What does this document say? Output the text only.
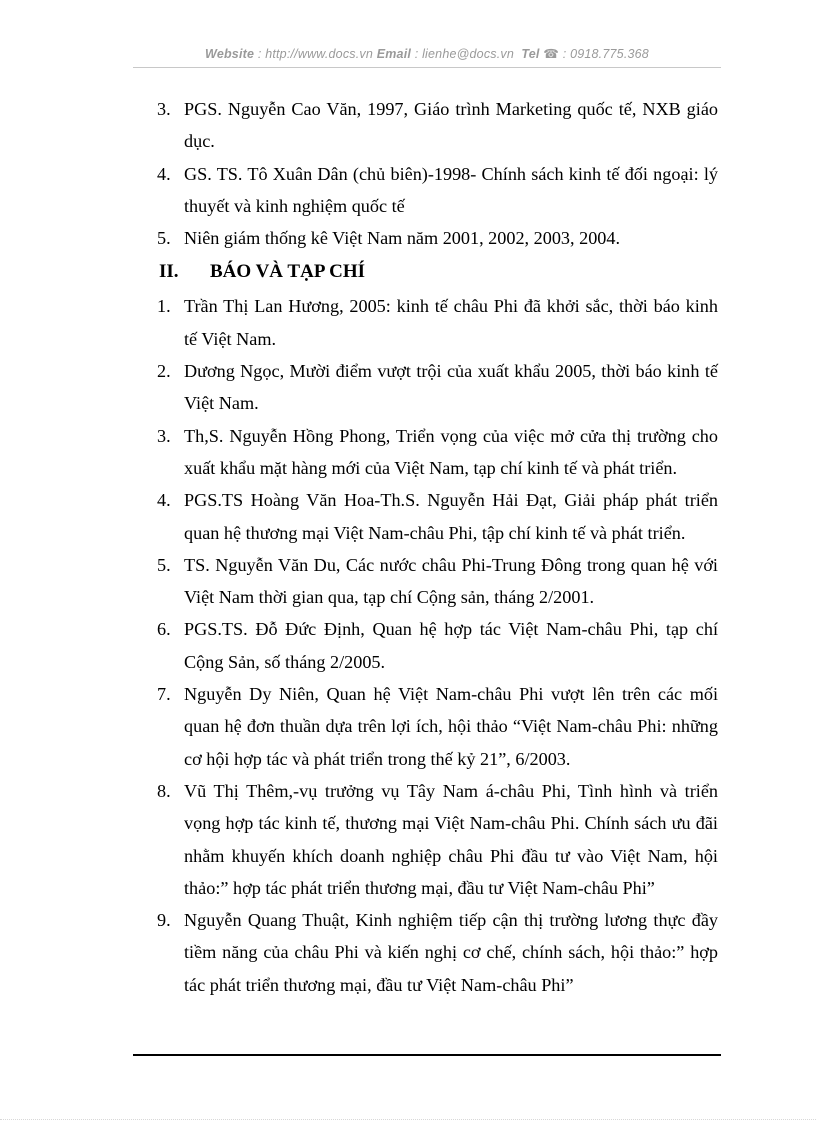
Website : http://www.docs.vn Email : lienhe@docs.vn Tel ☎ : 0918.775.368
3. PGS. Nguyễn Cao Văn, 1997, Giáo trình Marketing quốc tế, NXB giáo dục.
4. GS. TS. Tô Xuân Dân (chủ biên)-1998- Chính sách kinh tế đối ngoại: lý thuyết và kinh nghiệm quốc tế
5. Niên giám thống kê Việt Nam năm 2001, 2002, 2003, 2004.
II. BÁO VÀ TẠP CHÍ
1. Trần Thị Lan Hương, 2005: kinh tế châu Phi đã khởi sắc, thời báo kinh tế Việt Nam.
2. Dương Ngọc, Mười điểm vượt trội của xuất khẩu 2005, thời báo kinh tế Việt Nam.
3. Th,S. Nguyễn Hồng Phong, Triển vọng của việc mở cửa thị trường cho xuất khẩu mặt hàng mới của Việt Nam, tạp chí kinh tế và phát triển.
4. PGS.TS Hoàng Văn Hoa-Th.S. Nguyễn Hải Đạt, Giải pháp phát triển quan hệ thương mại Việt Nam-châu Phi, tập chí kinh tế và phát triển.
5. TS. Nguyễn Văn Du, Các nước châu Phi-Trung Đông trong quan hệ với Việt Nam thời gian qua, tạp chí Cộng sản, tháng 2/2001.
6. PGS.TS. Đỗ Đức Định, Quan hệ hợp tác Việt Nam-châu Phi, tạp chí Cộng Sản, số tháng 2/2005.
7. Nguyễn Dy Niên, Quan hệ Việt Nam-châu Phi vượt lên trên các mối quan hệ đơn thuần dựa trên lợi ích, hội thảo “Việt Nam-châu Phi: những cơ hội hợp tác và phát triển trong thế kỷ 21”, 6/2003.
8. Vũ Thị Thêm,-vụ trưởng vụ Tây Nam á-châu Phi, Tình hình và triển vọng hợp tác kinh tế, thương mại Việt Nam-châu Phi. Chính sách ưu đãi nhằm khuyến khích doanh nghiệp châu Phi đầu tư vào Việt Nam, hội thảo:” hợp tác phát triển thương mại, đầu tư Việt Nam-châu Phi”
9. Nguyễn Quang Thuật, Kinh nghiệm tiếp cận thị trường lương thực đầy tiềm năng của châu Phi và kiến nghị cơ chế, chính sách, hội thảo:” hợp tác phát triển thương mại, đầu tư Việt Nam-châu Phi”
